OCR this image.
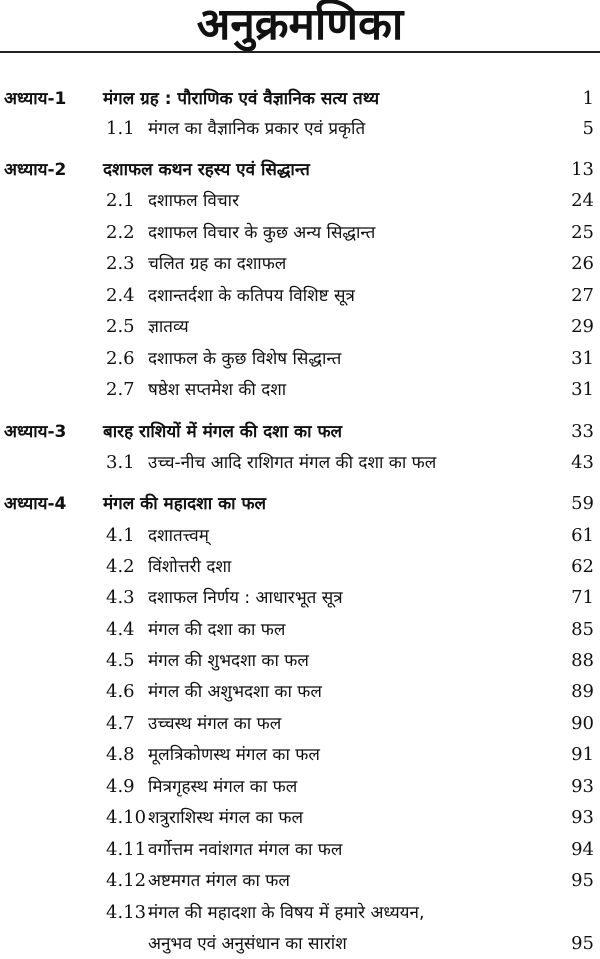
अनुक्रमणिका
अध्याय-1 मंगल ग्रह : पौराणिक एवं वैज्ञानिक सत्य तथ्य	1
1.1 मंगल का वैज्ञानिक प्रकार एवं प्रकृति	5
अध्याय-2 दशाफल कथन रहस्य एवं सिद्धान्त	13
2.1 दशाफल विचार	24
2.2 दशाफल विचार के कुछ अन्य सिद्धान्त	25
2.3 चलित ग्रह का दशाफल	26
2.4 दशान्तर्दशा के कतिपय विशिष्ट सूत्र	27
2.5 ज्ञातव्य	29
2.6 दशाफल के कुछ विशेष सिद्धान्त	31
2.7 षष्ठेश सप्तमेश की दशा	31
अध्याय-3 बारह राशियों में मंगल की दशा का फल	33
3.1 उच्च-नीच आदि राशिगत मंगल की दशा का फल	43
अध्याय-4 मंगल की महादशा का फल	59
4.1 दशातत्त्वम्	61
4.2 विंशोत्तरी दशा	62
4.3 दशाफल निर्णय : आधारभूत सूत्र	71
4.4 मंगल की दशा का फल	85
4.5 मंगल की शुभदशा का फल	88
4.6 मंगल की अशुभदशा का फल	89
4.7 उच्चस्थ मंगल का फल	90
4.8 मूलत्रिकोणस्थ मंगल का फल	91
4.9 मित्रगृहस्थ मंगल का फल	93
4.10 शत्रुराशिस्थ मंगल का फल	93
4.11 वर्गोत्तम नवांशगत मंगल का फल	94
4.12 अष्टमगत मंगल का फल	95
4.13 मंगल की महादशा के विषय में हमारे अध्ययन,
अनुभव एवं अनुसंधान का सारांश	95
